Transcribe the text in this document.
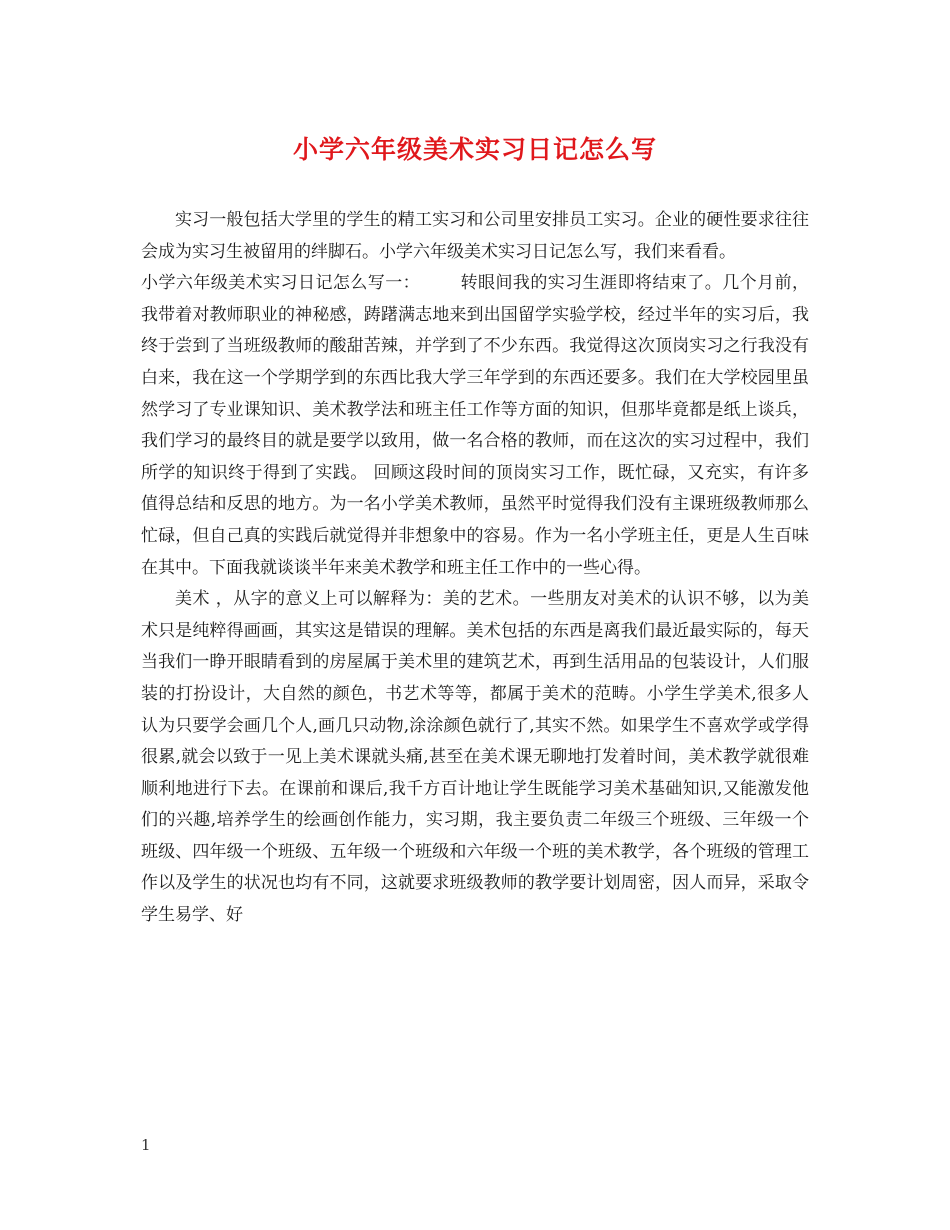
小学六年级美术实习日记怎么写

实习一般包括大学里的学生的精工实习和公司里安排员工实习。企业的硬性要求往往会成为实习生被留用的绊脚石。小学六年级美术实习日记怎么写，我们来看看。

小学六年级美术实习日记怎么写一： 转眼间我的实习生涯即将结束了。几个月前，我带着对教师职业的神秘感，踌躇满志地来到出国留学实验学校，经过半年的实习后，我终于尝到了当班级教师的酸甜苦辣，并学到了不少东西。我觉得这次顶岗实习之行我没有白来，我在这一个学期学到的东西比我大学三年学到的东西还要多。我们在大学校园里虽然学习了专业课知识、美术教学法和班主任工作等方面的知识，但那毕竟都是纸上谈兵，我们学习的最终目的就是要学以致用，做一名合格的教师，而在这次的实习过程中，我们所学的知识终于得到了实践。 回顾这段时间的顶岗实习工作，既忙碌，又充实，有许多值得总结和反思的地方。为一名小学美术教师，虽然平时觉得我们没有主课班级教师那么忙碌，但自己真的实践后就觉得并非想象中的容易。作为一名小学班主任，更是人生百味在其中。下面我就谈谈半年来美术教学和班主任工作中的一些心得。

美术 ，从字的意义上可以解释为：美的艺术。一些朋友对美术的认识不够，以为美术只是纯粹得画画，其实这是错误的理解。美术包括的东西是离我们最近最实际的，每天当我们一睁开眼睛看到的房屋属于美术里的建筑艺术，再到生活用品的包装设计，人们服装的打扮设计，大自然的颜色，书艺术等等，都属于美术的范畴。小学生学美术,很多人认为只要学会画几个人,画几只动物,涂涂颜色就行了,其实不然。如果学生不喜欢学或学得很累,就会以致于一见上美术课就头痛,甚至在美术课无聊地打发着时间，美术教学就很难顺利地进行下去。在课前和课后,我千方百计地让学生既能学习美术基础知识,又能激发他们的兴趣,培养学生的绘画创作能力，实习期，我主要负责二年级三个班级、三年级一个班级、四年级一个班级、五年级一个班级和六年级一个班的美术教学，各个班级的管理工作以及学生的状况也均有不同，这就要求班级教师的教学要计划周密，因人而异，采取令学生易学、好

1
